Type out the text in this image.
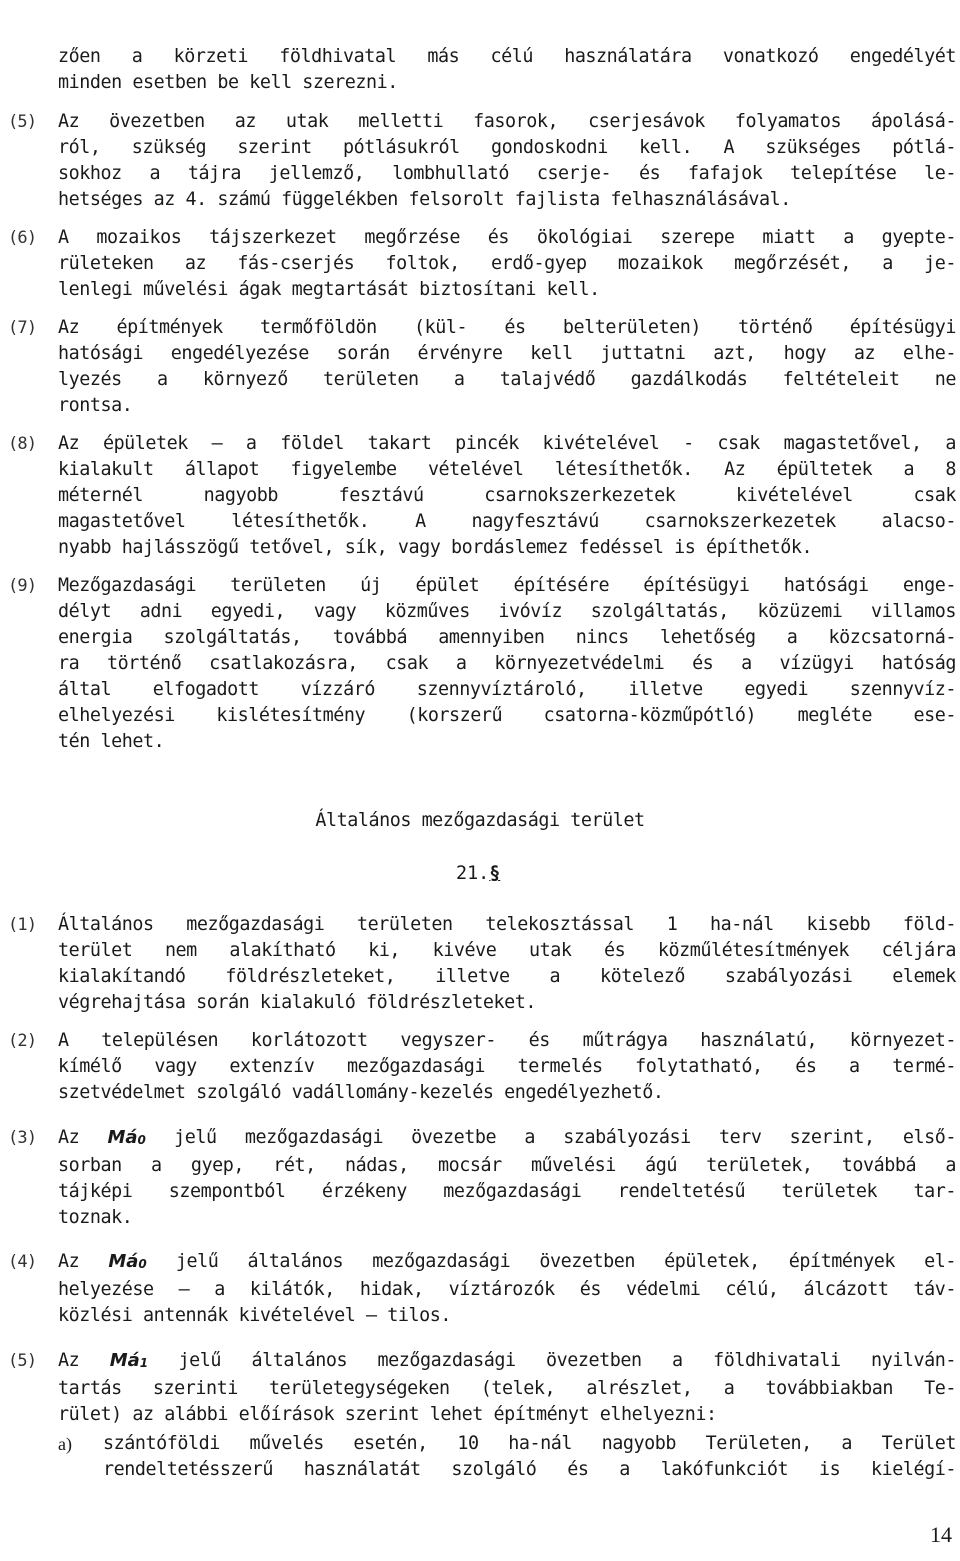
zően a körzeti földhivatal más célú használatára vonatkozó engedélyét
minden esetben be kell szerezni.
(5) Az övezetben az utak melletti fasorok, cserjesávok folyamatos ápolásá-
ról, szükség szerint pótlásukról gondoskodni kell. A szükséges pótlá-
sokhoz a tájra jellemző, lombhullató cserje- és fafajok telepítése le-
hetséges az 4. számú függelékben felsorolt fajlista felhasználásával.
(6) A mozaikos tájszerkezet megőrzése és ökológiai szerepe miatt a gyepte-
rületeken az fás-cserjés foltok, erdő-gyep mozaikok megőrzését, a je-
lenlegi művelési ágak megtartását biztosítani kell.
(7) Az építmények termőföldön (kül- és belterületen) történő építésügyi
hatósági engedélyezése során érvényre kell juttatni azt, hogy az elhe-
lyezés a környező területen a talajvédő gazdálkodás feltételeit ne
rontsa.
(8) Az épületek – a földel takart pincék kivételével - csak magastetővel, a
kialakult állapot figyelembe vételével létesíthetők. Az épültetek a 8
méternél nagyobb fesztávú csarnokszerkezetek kivételével csak
magastetővel létesíthetők. A nagyfesztávú csarnokszerkezetek alacso-
nyabb hajlásszögű tetővel, sík, vagy bordáslemez fedéssel is építhetők.
(9) Mezőgazdasági területen új épület építésére építésügyi hatósági enge-
délyt adni egyedi, vagy közműves ivóvíz szolgáltatás, közüzemi villamos
energia szolgáltatás, továbbá amennyiben nincs lehetőség a közcsatorná-
ra történő csatlakozásra, csak a környezetvédelmi és a vízügyi hatóság
által elfogadott vízzáró szennyvíztároló, illetve egyedi szennyvíz-
elhelyezési kislétesítmény (korszerű csatorna-közműpótló) megléte ese-
tén lehet.
Általános mezőgazdasági terület
21.§
(1) Általános mezőgazdasági területen telekosztással 1 ha-nál kisebb föld-
terület nem alakítható ki, kivéve utak és közműlétesítmények céljára
kialakítandó földrészleteket, illetve a kötelező szabályozási elemek
végrehajtása során kialakuló földrészleteket.
(2) A településen korlátozott vegyszer- és műtrágya használatú, környezet-
kímélő vagy extenzív mezőgazdasági termelés folytatható, és a termé-
szetvédelmet szolgáló vadállomány-kezelés engedélyezhető.
(3) Az $Má_0$ jelű mezőgazdasági övezetbe a szabályozási terv szerint, első-
sorban a gyep, rét, nádas, mocsár művelési ágú területek, továbbá a
tájképi szempontból érzékeny mezőgazdasági rendeltetésű területek tar-
toznak.
(4) Az $Má_0$ jelű általános mezőgazdasági övezetben épületek, építmények el-
helyezése – a kilátók, hidak, víztározók és védelmi célú, álcázott táv-
közlési antennák kivételével – tilos.
(5) Az $Má_1$ jelű általános mezőgazdasági övezetben a földhivatali nyilván-
tartás szerinti területegységeken (telek, alrészlet, a továbbiakban Te-
rület) az alábbi előírások szerint lehet építményt elhelyezni:
a) szántóföldi művelés esetén, 10 ha-nál nagyobb Területen, a Terület
rendeltetésszerű használatát szolgáló és a lakófunkciót is kielégí-
14
